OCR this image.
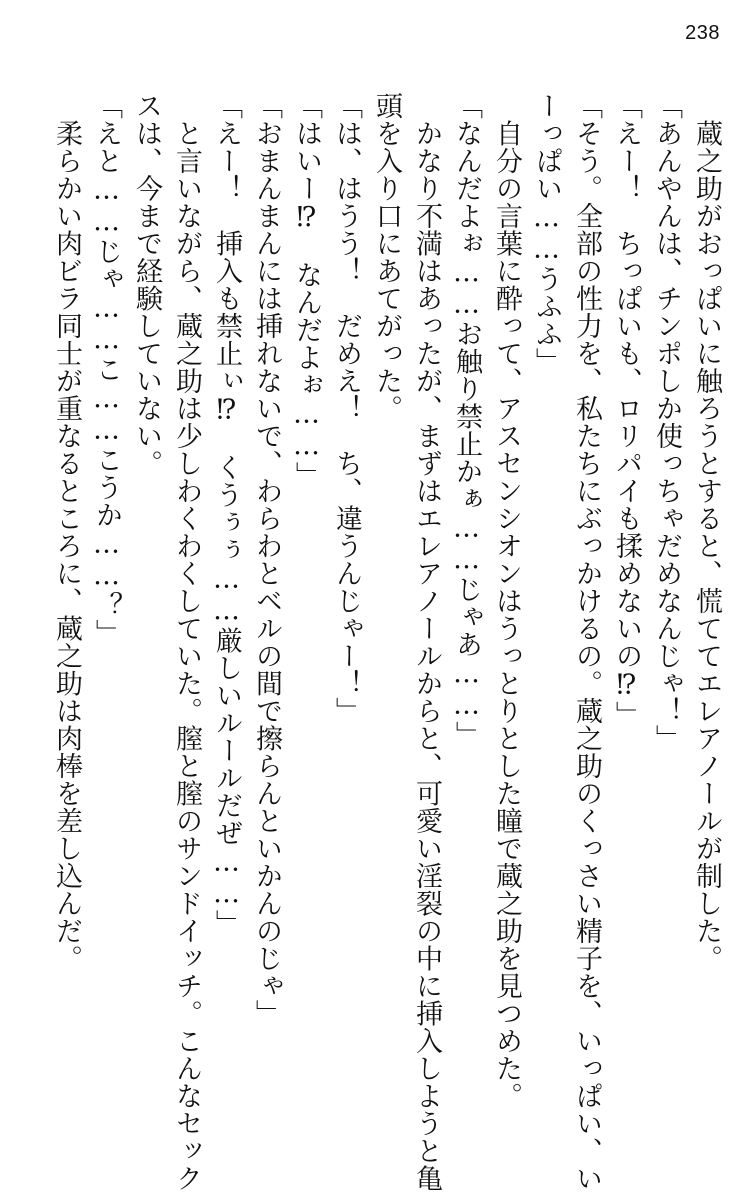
238
　蔵之助がおっぱいに触ろうとすると、慌ててエレアノールが制した。
「あんやんは、チンポしか使っちゃだめなんじゃ！」
「えー！　ちっぱいも、ロリパイも揉めないの⁉」
「そう。全部の性力を、私たちにぶっかけるの。蔵之助のくっさい精子を、いっぱい、い
ーっぱい……うふふ」
　自分の言葉に酔って、アスセンシオンはうっとりとした瞳で蔵之助を見つめた。
「なんだよぉ……お触り禁止かぁ……じゃあ……」
　かなり不満はあったが、まずはエレアノールからと、可愛い淫裂の中に挿入しようと亀
頭を入り口にあてがった。
「は、はうう！　だめえ！　ち、違うんじゃー！」
「はいー⁉　なんだよぉ……」
「おまんまんには挿れないで、わらわとベルの間で擦らんといかんのじゃ」
「えー！　挿入も禁止ぃ⁉　くうぅぅ……厳しいルールだぜ……」
　と言いながら、蔵之助は少しわくわくしていた。膣と膣のサンドイッチ。こんなセック
スは、今まで経験していない。
「えと……じゃ……こ……こうか……？」
　柔らかい肉ビラ同士が重なるところに、蔵之助は肉棒を差し込んだ。
